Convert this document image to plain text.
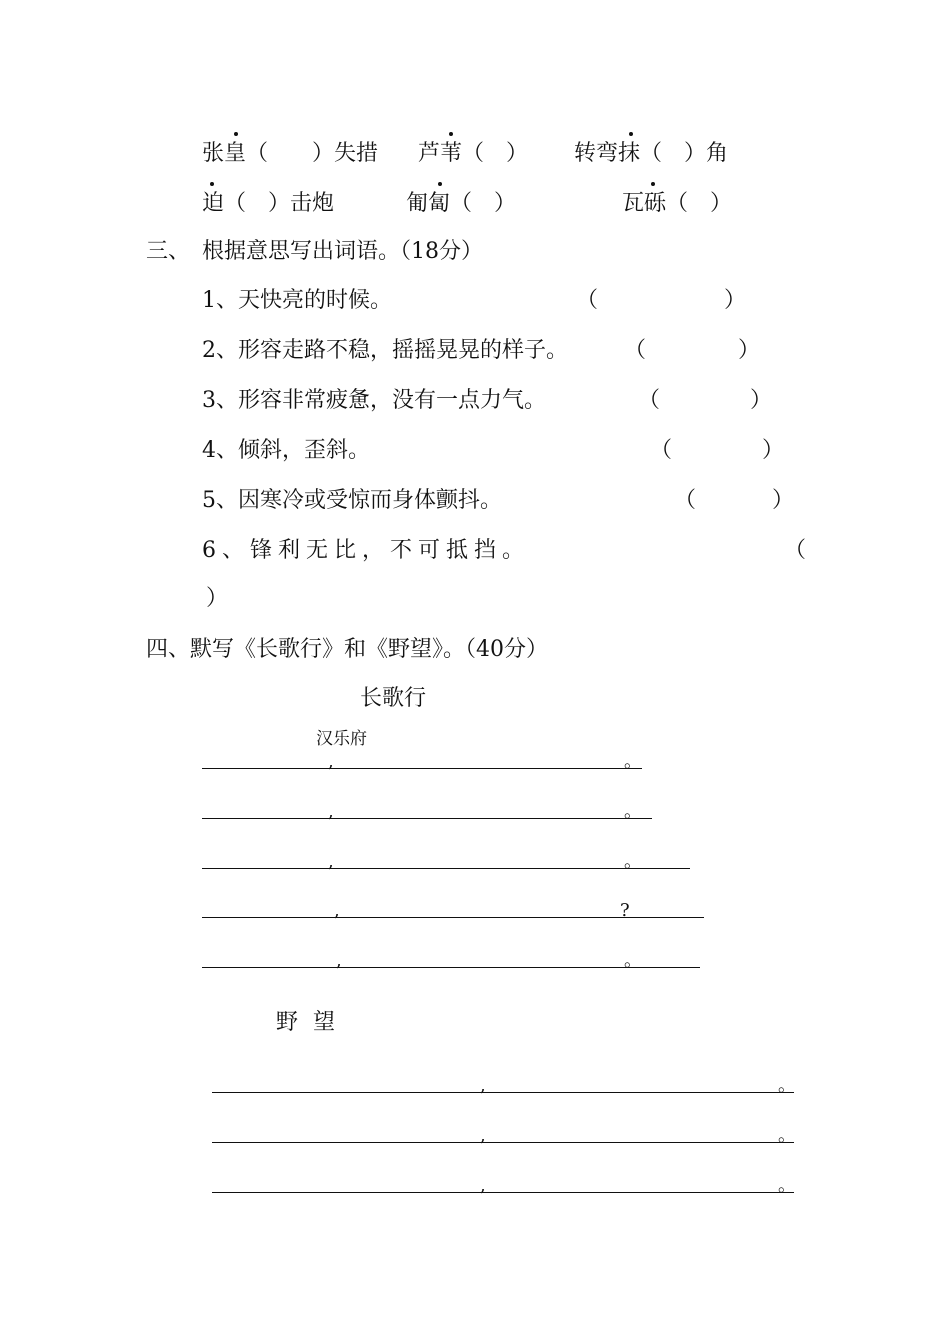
张皇（　　）失措 芦苇（　） 转弯抹（　）角
迫（　）击炮	匍匐（　）	瓦砾（　）
三、 根据意思写出词语。（18分）
1、天快亮的时候。	（	）
2、形容走路不稳，摇摇晃晃的样子。	（	）
3、形容非常疲惫，没有一点力气。	（	）
4、倾斜，歪斜。	（	）
5、因寒冷或受惊而身体颤抖。	（	）
6、锋利无比，不可抵挡。	（
）
四、默写《长歌行》和《野望》。（40分）
长歌行
汉乐府
,	。
,	。
,	。
,	?
,	。
野 望
,	。
,	。
,	。
